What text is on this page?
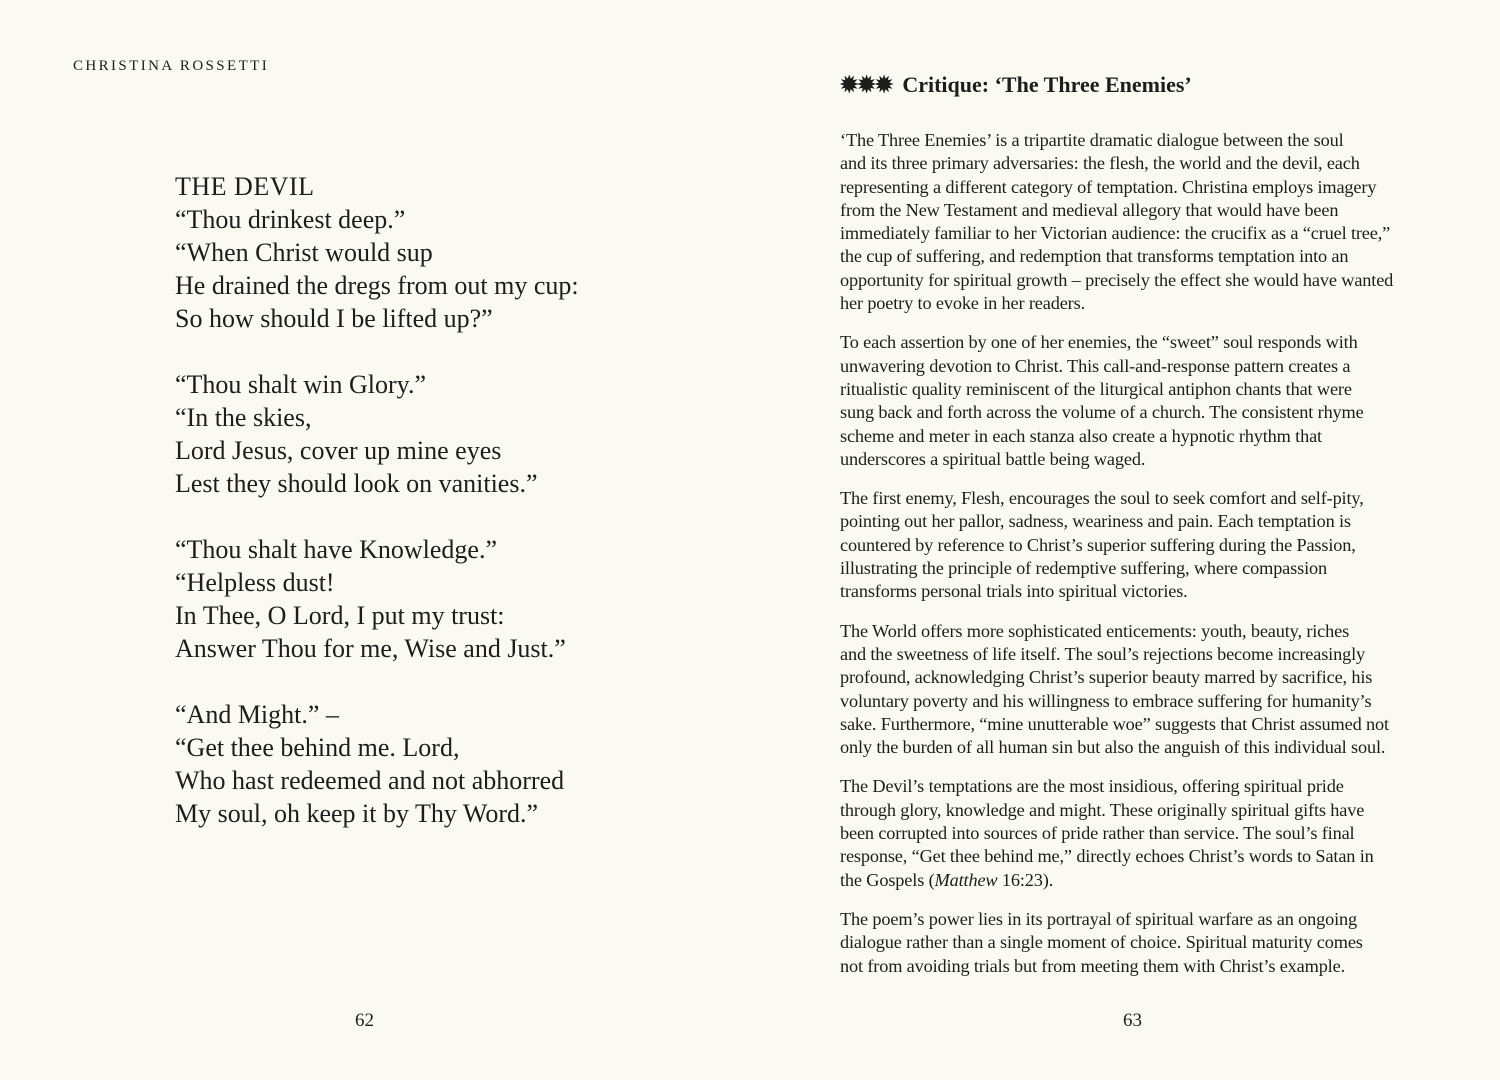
CHRISTINA ROSSETTI
THE DEVIL
“Thou drinkest deep.”
“When Christ would sup
He drained the dregs from out my cup:
So how should I be lifted up?”
“Thou shalt win Glory.”
“In the skies,
Lord Jesus, cover up mine eyes
Lest they should look on vanities.”
“Thou shalt have Knowledge.”
“Helpless dust!
In Thee, O Lord, I put my trust:
Answer Thou for me, Wise and Just.”
“And Might.” –
“Get thee behind me. Lord,
Who hast redeemed and not abhorred
My soul, oh keep it by Thy Word.”
62
✹✹✹ Critique: ‘The Three Enemies’

‘The Three Enemies’ is a tripartite dramatic dialogue between the soul
and its three primary adversaries: the flesh, the world and the devil, each
representing a different category of temptation. Christina employs imagery
from the New Testament and medieval allegory that would have been
immediately familiar to her Victorian audience: the crucifix as a “cruel tree,”
the cup of suffering, and redemption that transforms temptation into an
opportunity for spiritual growth – precisely the effect she would have wanted
her poetry to evoke in her readers.

To each assertion by one of her enemies, the “sweet” soul responds with
unwavering devotion to Christ. This call-and-response pattern creates a
ritualistic quality reminiscent of the liturgical antiphon chants that were
sung back and forth across the volume of a church. The consistent rhyme
scheme and meter in each stanza also create a hypnotic rhythm that
underscores a spiritual battle being waged.

The first enemy, Flesh, encourages the soul to seek comfort and self-pity,
pointing out her pallor, sadness, weariness and pain. Each temptation is
countered by reference to Christ’s superior suffering during the Passion,
illustrating the principle of redemptive suffering, where compassion
transforms personal trials into spiritual victories.

The World offers more sophisticated enticements: youth, beauty, riches
and the sweetness of life itself. The soul’s rejections become increasingly
profound, acknowledging Christ’s superior beauty marred by sacrifice, his
voluntary poverty and his willingness to embrace suffering for humanity’s
sake. Furthermore, “mine unutterable woe” suggests that Christ assumed not
only the burden of all human sin but also the anguish of this individual soul.

The Devil’s temptations are the most insidious, offering spiritual pride
through glory, knowledge and might. These originally spiritual gifts have
been corrupted into sources of pride rather than service. The soul’s final
response, “Get thee behind me,” directly echoes Christ’s words to Satan in
the Gospels (Matthew 16:23).

The poem’s power lies in its portrayal of spiritual warfare as an ongoing
dialogue rather than a single moment of choice. Spiritual maturity comes
not from avoiding trials but from meeting them with Christ’s example.

63
